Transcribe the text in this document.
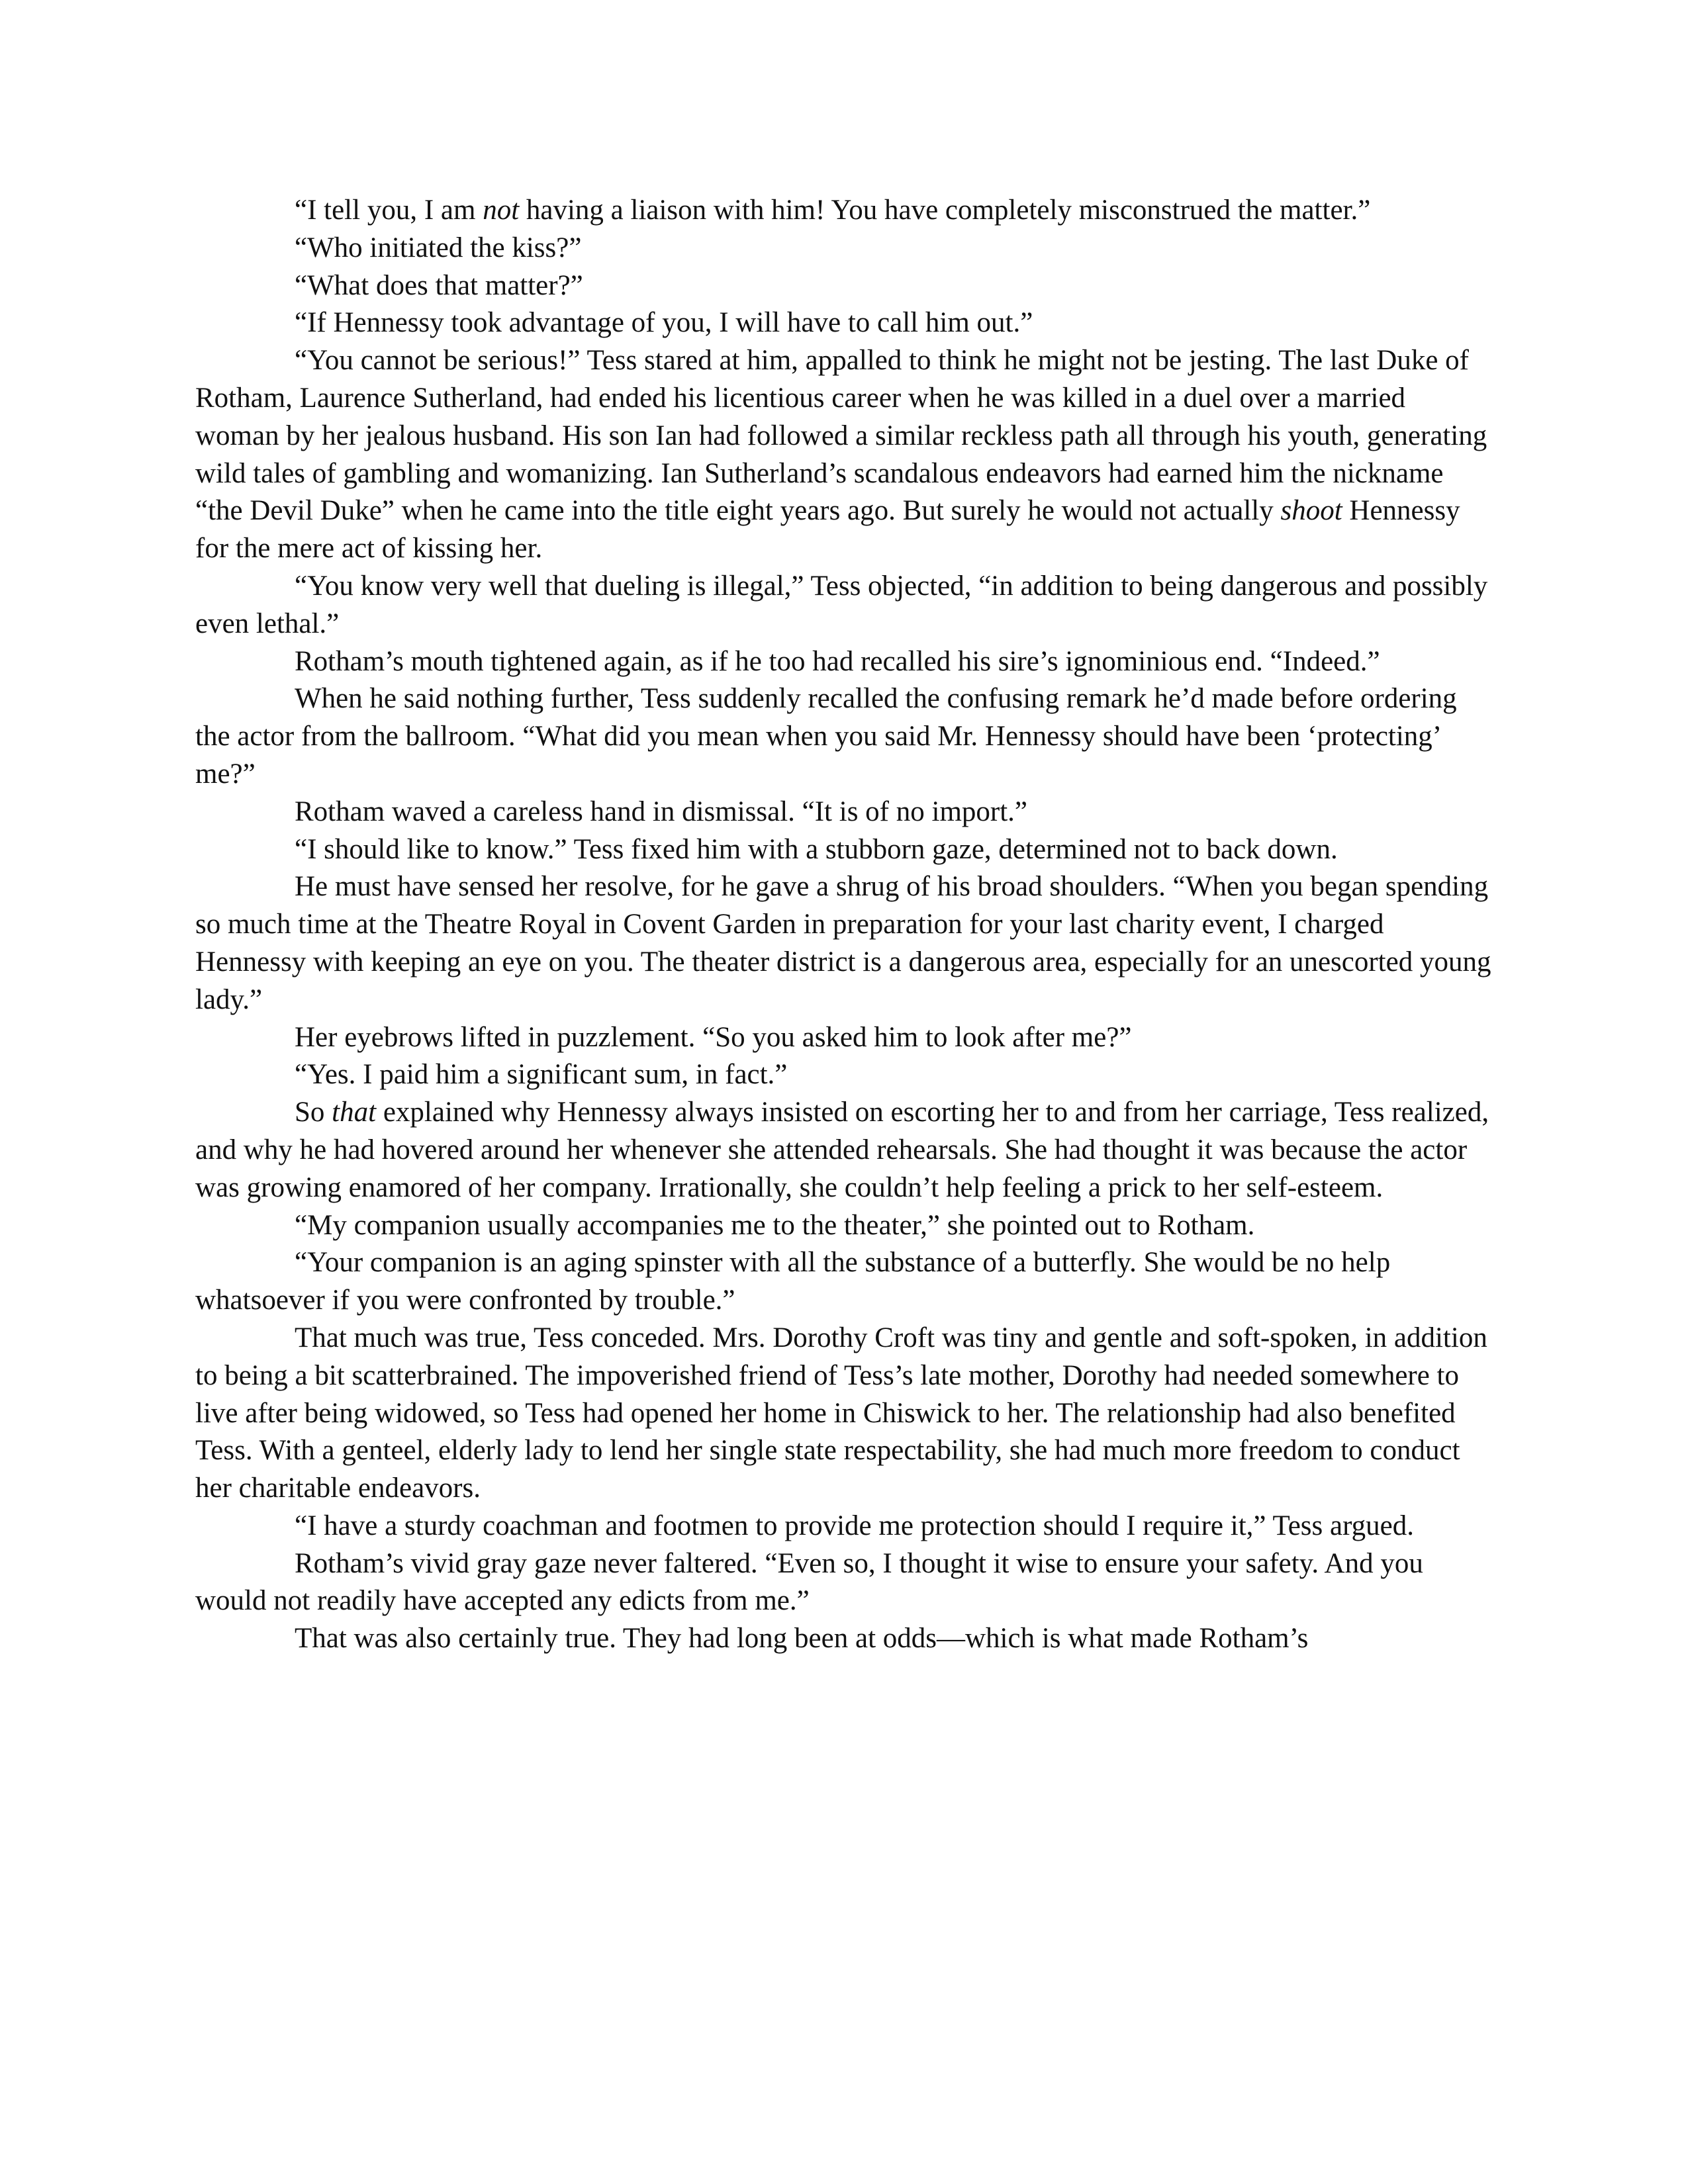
“I tell you, I am not having a liaison with him! You have completely misconstrued the matter.”

“Who initiated the kiss?”

“What does that matter?”

“If Hennessy took advantage of you, I will have to call him out.”

“You cannot be serious!” Tess stared at him, appalled to think he might not be jesting. The last Duke of Rotham, Laurence Sutherland, had ended his licentious career when he was killed in a duel over a married woman by her jealous husband. His son Ian had followed a similar reckless path all through his youth, generating wild tales of gambling and womanizing. Ian Sutherland’s scandalous endeavors had earned him the nickname “the Devil Duke” when he came into the title eight years ago. But surely he would not actually shoot Hennessy for the mere act of kissing her.

“You know very well that dueling is illegal,” Tess objected, “in addition to being dangerous and possibly even lethal.”

Rotham’s mouth tightened again, as if he too had recalled his sire’s ignominious end. “Indeed.”

When he said nothing further, Tess suddenly recalled the confusing remark he’d made before ordering the actor from the ballroom. “What did you mean when you said Mr. Hennessy should have been ‘protecting’ me?”

Rotham waved a careless hand in dismissal. “It is of no import.”

“I should like to know.” Tess fixed him with a stubborn gaze, determined not to back down.

He must have sensed her resolve, for he gave a shrug of his broad shoulders. “When you began spending so much time at the Theatre Royal in Covent Garden in preparation for your last charity event, I charged Hennessy with keeping an eye on you. The theater district is a dangerous area, especially for an unescorted young lady.”

Her eyebrows lifted in puzzlement. “So you asked him to look after me?”

“Yes. I paid him a significant sum, in fact.”

So that explained why Hennessy always insisted on escorting her to and from her carriage, Tess realized, and why he had hovered around her whenever she attended rehearsals. She had thought it was because the actor was growing enamored of her company. Irrationally, she couldn’t help feeling a prick to her self-esteem.

“My companion usually accompanies me to the theater,” she pointed out to Rotham.

“Your companion is an aging spinster with all the substance of a butterfly. She would be no help whatsoever if you were confronted by trouble.”

That much was true, Tess conceded. Mrs. Dorothy Croft was tiny and gentle and soft-spoken, in addition to being a bit scatterbrained. The impoverished friend of Tess’s late mother, Dorothy had needed somewhere to live after being widowed, so Tess had opened her home in Chiswick to her. The relationship had also benefited Tess. With a genteel, elderly lady to lend her single state respectability, she had much more freedom to conduct her charitable endeavors.

“I have a sturdy coachman and footmen to provide me protection should I require it,” Tess argued.

Rotham’s vivid gray gaze never faltered. “Even so, I thought it wise to ensure your safety. And you would not readily have accepted any edicts from me.”

That was also certainly true. They had long been at odds—which is what made Rotham’s
